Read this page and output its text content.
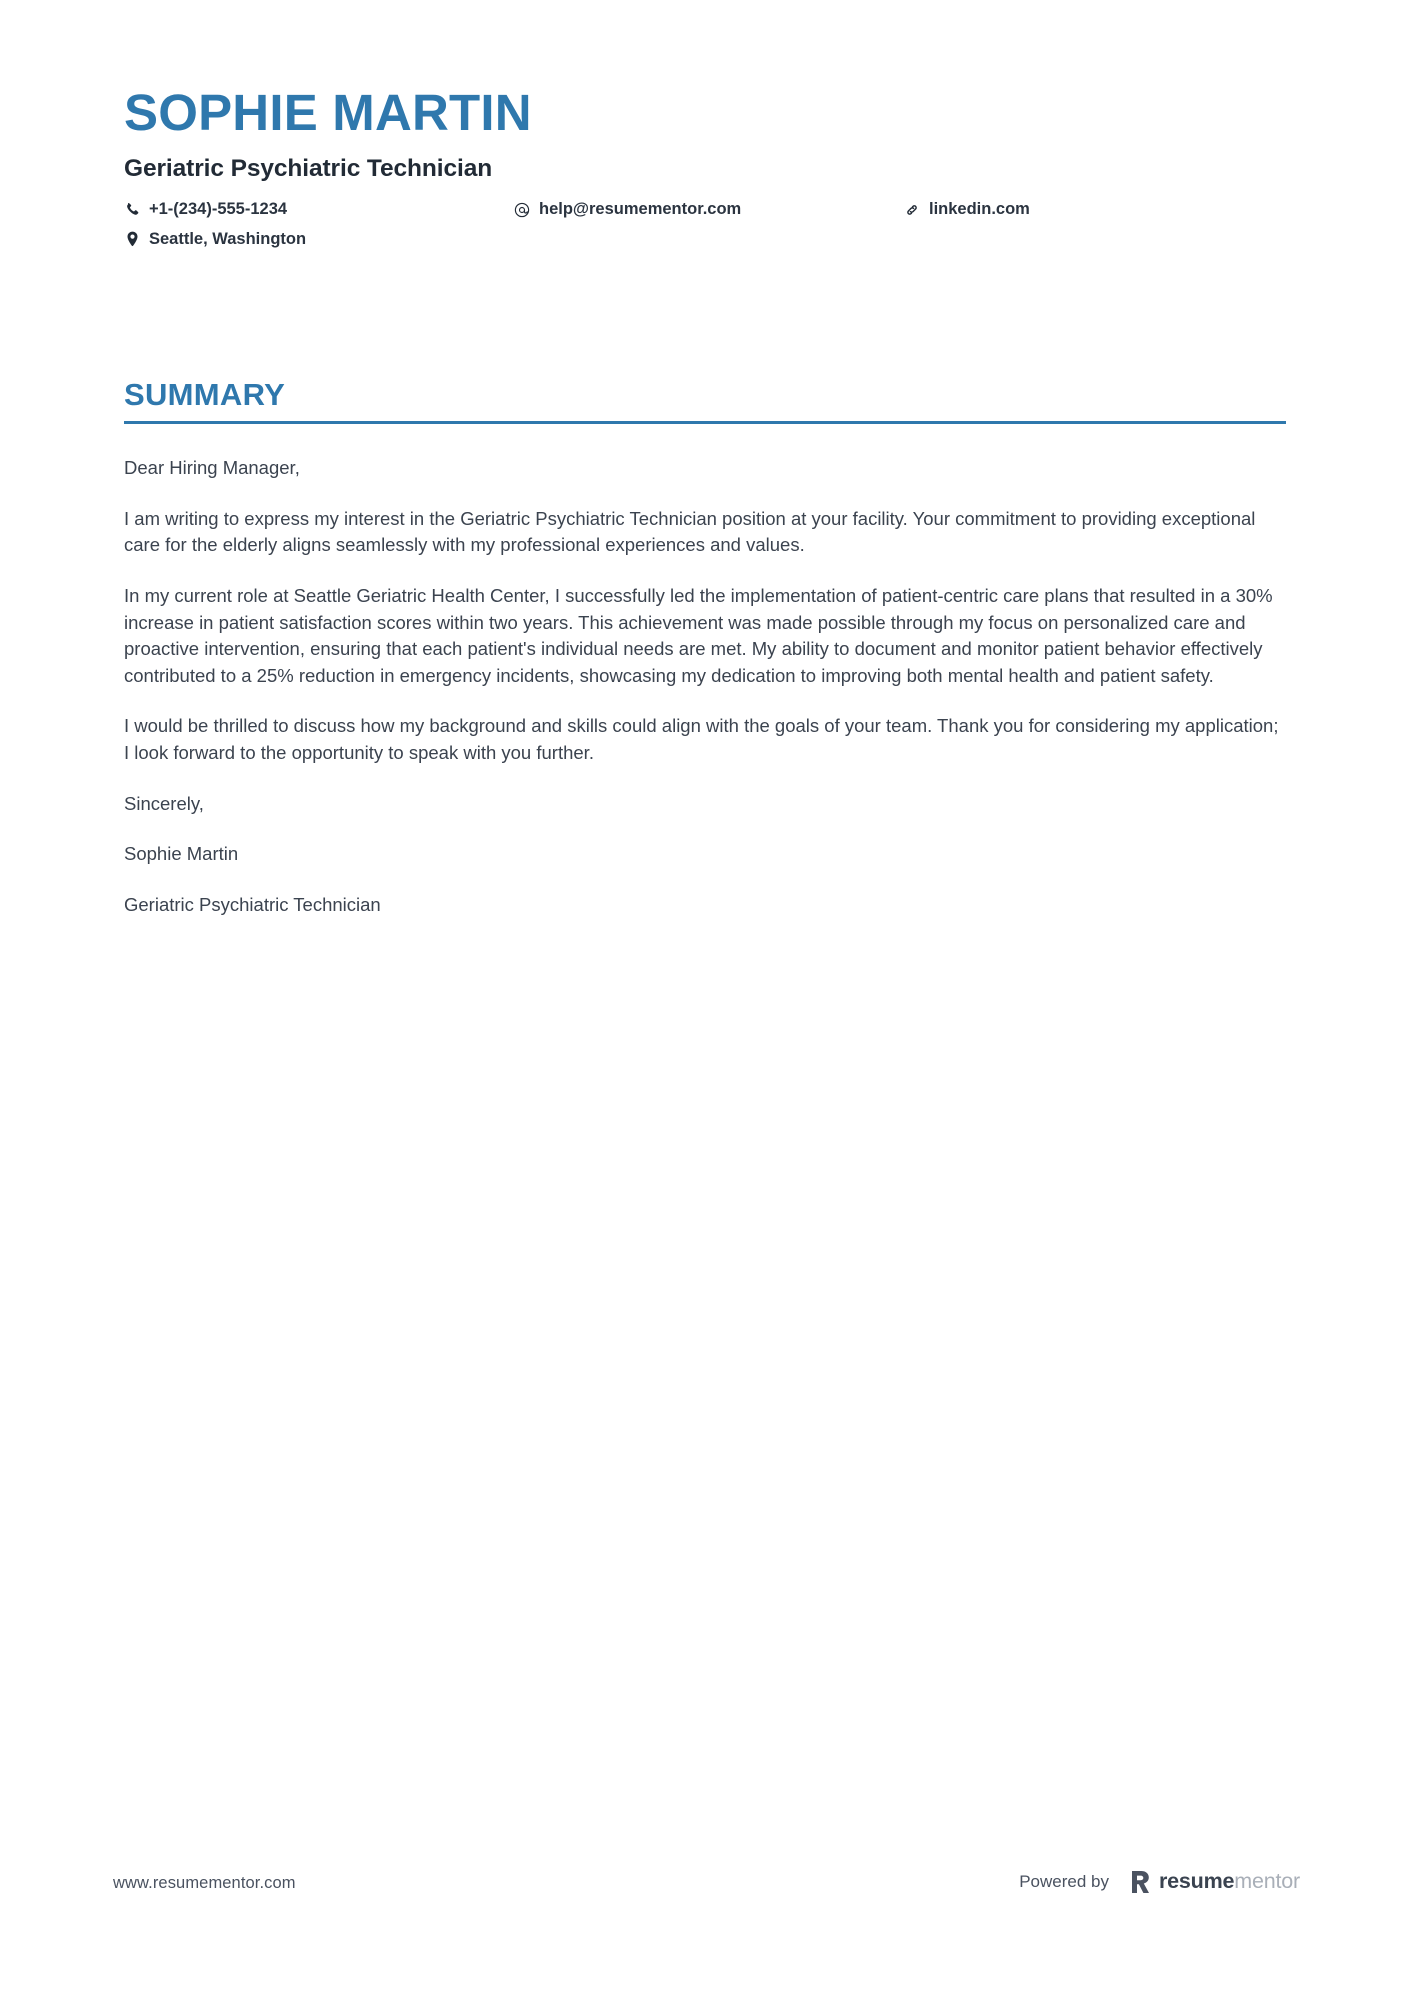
SOPHIE MARTIN
Geriatric Psychiatric Technician
+1-(234)-555-1234	help@resumementor.com	linkedin.com
Seattle, Washington
SUMMARY

Dear Hiring Manager,

I am writing to express my interest in the Geriatric Psychiatric Technician position at your facility. Your commitment to providing exceptional care for the elderly aligns seamlessly with my professional experiences and values.

In my current role at Seattle Geriatric Health Center, I successfully led the implementation of patient-centric care plans that resulted in a 30% increase in patient satisfaction scores within two years. This achievement was made possible through my focus on personalized care and proactive intervention, ensuring that each patient's individual needs are met. My ability to document and monitor patient behavior effectively contributed to a 25% reduction in emergency incidents, showcasing my dedication to improving both mental health and patient safety.

I would be thrilled to discuss how my background and skills could align with the goals of your team. Thank you for considering my application; I look forward to the opportunity to speak with you further.

Sincerely,

Sophie Martin

Geriatric Psychiatric Technician

www.resumementor.com	Powered by resumementor
